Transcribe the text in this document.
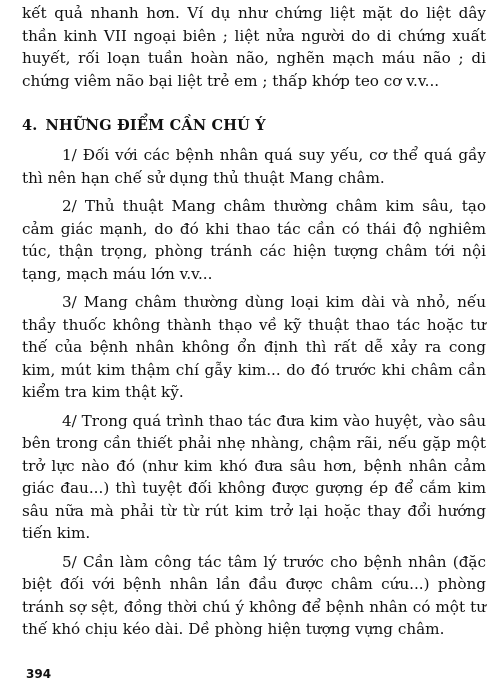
kết quả nhanh hơn. Ví dụ như chứng liệt mặt do liệt dây thần kinh VII ngoại biên ; liệt nửa người do di chứng xuất huyết, rối loạn tuần hoàn não, nghẽn mạch máu não ; di chứng viêm não bại liệt trẻ em ; thấp khớp teo cơ v.v...

4. NHỮNG ĐIỂM CẦN CHÚ Ý

1/ Đối với các bệnh nhân quá suy yếu, cơ thể quá gầy thì nên hạn chế sử dụng thủ thuật Mang châm.

2/ Thủ thuật Mang châm thường châm kim sâu, tạo cảm giác mạnh, do đó khi thao tác cần có thái độ nghiêm túc, thận trọng, phòng tránh các hiện tượng châm tới nội tạng, mạch máu lớn v.v...

3/ Mang châm thường dùng loại kim dài và nhỏ, nếu thầy thuốc không thành thạo về kỹ thuật thao tác hoặc tư thế của bệnh nhân không ổn định thì rất dễ xảy ra cong kim, mút kim thậm chí gẫy kim... do đó trước khi châm cần kiểm tra kim thật kỹ.

4/ Trong quá trình thao tác đưa kim vào huyệt, vào sâu bên trong cần thiết phải nhẹ nhàng, chậm rãi, nếu gặp một trở lực nào đó (như kim khó đưa sâu hơn, bệnh nhân cảm giác đau...) thì tuyệt đối không được gượng ép để cắm kim sâu nữa mà phải từ từ rút kim trở lại hoặc thay đổi hướng tiến kim.

5/ Cần làm công tác tâm lý trước cho bệnh nhân (đặc biệt đối với bệnh nhân lần đầu được châm cứu...) phòng tránh sợ sệt, đồng thời chú ý không để bệnh nhân có một tư thế khó chịu kéo dài. Dề phòng hiện tượng vựng châm.

394
